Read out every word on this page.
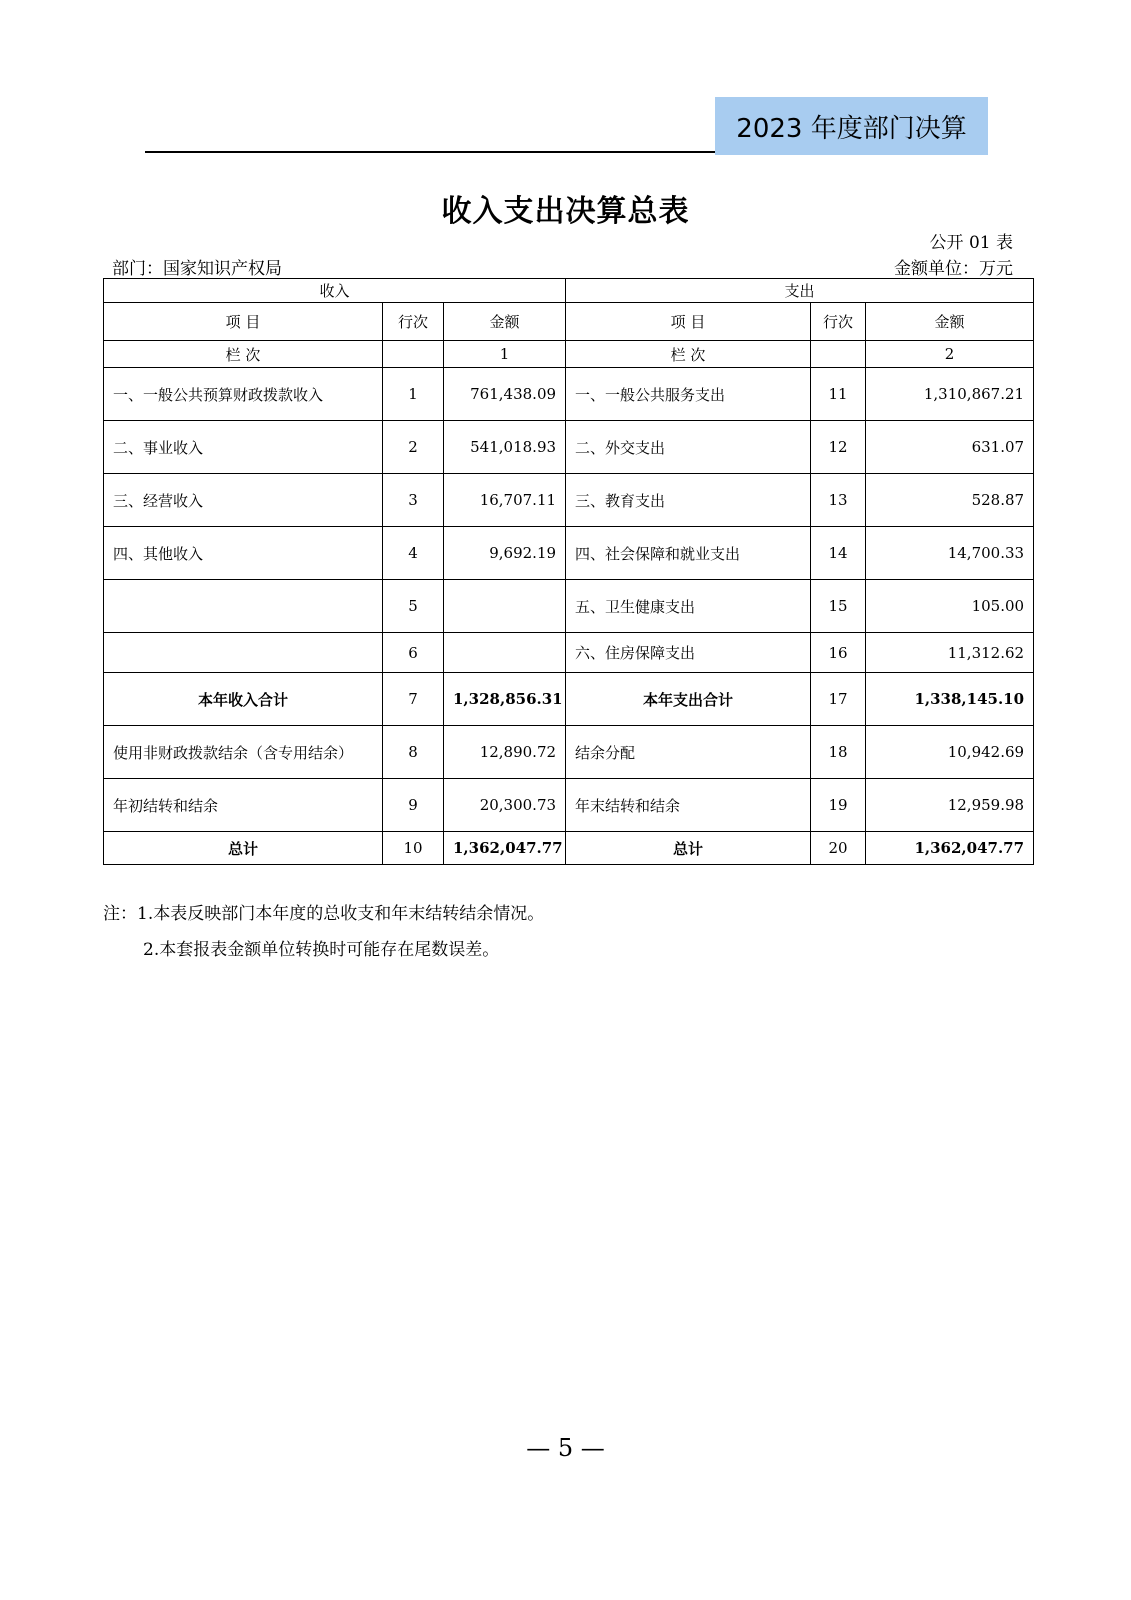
2023 年度部门决算
收入支出决算总表
公开 01 表
部门：国家知识产权局	金额单位：万元
收入			支出		
项 目	行次	金额	项 目	行次	金额
栏 次		1	栏 次		2
一、一般公共预算财政拨款收入	1	761,438.09	一、一般公共服务支出	11	1,310,867.21
二、事业收入	2	541,018.93	二、外交支出	12	631.07
三、经营收入	3	16,707.11	三、教育支出	13	528.87
四、其他收入	4	9,692.19	四、社会保障和就业支出	14	14,700.33
	5		五、卫生健康支出	15	105.00
	6		六、住房保障支出	16	11,312.62
本年收入合计	7	1,328,856.31	本年支出合计	17	1,338,145.10
使用非财政拨款结余（含专用结余）	8	12,890.72	结余分配	18	10,942.69
年初结转和结余	9	20,300.73	年末结转和结余	19	12,959.98
总计	10	1,362,047.77	总计	20	1,362,047.77
注：1.本表反映部门本年度的总收支和年末结转结余情况。
2.本套报表金额单位转换时可能存在尾数误差。
— 5 —
